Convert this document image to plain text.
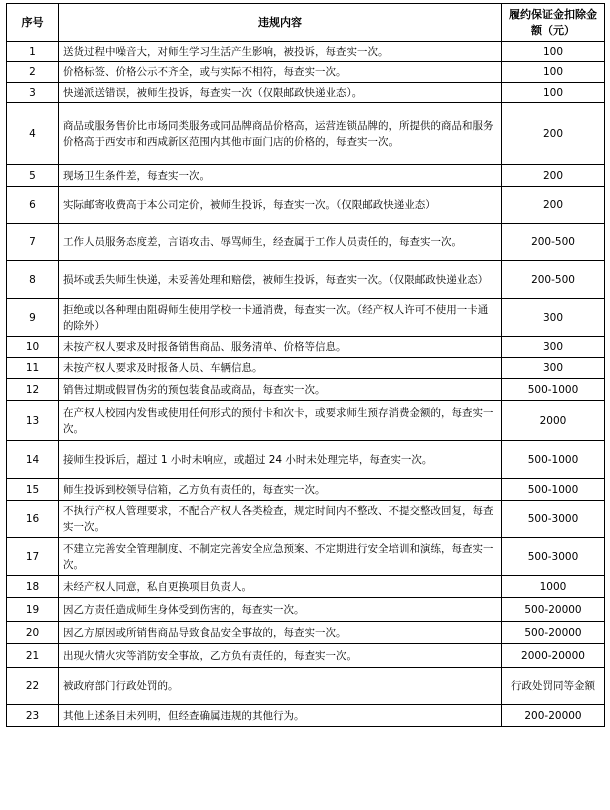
序号	违规内容	履约保证金扣除金额（元）
1	送货过程中噪音大，对师生学习生活产生影响，被投诉，每查实一次。	100
2	价格标签、价格公示不齐全，或与实际不相符，每查实一次。	100
3	快递派送错误，被师生投诉，每查实一次（仅限邮政快递业态）。	100
4	商品或服务售价比市场同类服务或同品牌商品价格高，运营连锁品牌的，所提供的商品和服务价格高于西安市和西咸新区范围内其他市面门店的价格的，每查实一次。	200
5	现场卫生条件差，每查实一次。	200
6	实际邮寄收费高于本公司定价，被师生投诉，每查实一次。（仅限邮政快递业态）	200
7	工作人员服务态度差，言语攻击、辱骂师生，经查属于工作人员责任的，每查实一次。	200-500
8	损坏或丢失师生快递，未妥善处理和赔偿，被师生投诉，每查实一次。（仅限邮政快递业态）	200-500
9	拒绝或以各种理由阻碍师生使用学校一卡通消费，每查实一次。（经产权人许可不使用一卡通的除外）	300
10	未按产权人要求及时报备销售商品、服务清单、价格等信息。	300
11	未按产权人要求及时报备人员、车辆信息。	300
12	销售过期或假冒伪劣的预包装食品或商品，每查实一次。	500-1000
13	在产权人校园内发售或使用任何形式的预付卡和次卡，或要求师生预存消费金额的，每查实一次。	2000
14	接师生投诉后，超过 1 小时未响应，或超过 24 小时未处理完毕，每查实一次。	500-1000
15	师生投诉到校领导信箱，乙方负有责任的，每查实一次。	500-1000
16	不执行产权人管理要求，不配合产权人各类检查，规定时间内不整改、不提交整改回复，每查实一次。	500-3000
17	不建立完善安全管理制度、不制定完善安全应急预案、不定期进行安全培训和演练，每查实一次。	500-3000
18	未经产权人同意，私自更换项目负责人。	1000
19	因乙方责任造成师生身体受到伤害的，每查实一次。	500-20000
20	因乙方原因或所销售商品导致食品安全事故的，每查实一次。	500-20000
21	出现火情火灾等消防安全事故，乙方负有责任的，每查实一次。	2000-20000
22	被政府部门行政处罚的。	行政处罚同等金额
23	其他上述条目未列明，但经查确属违规的其他行为。	200-20000
